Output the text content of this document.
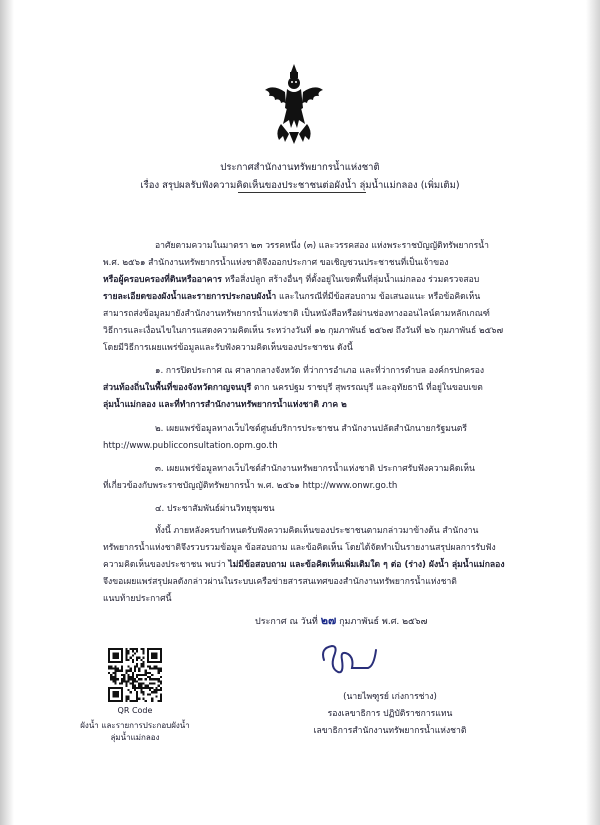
ประกาศสำนักงานทรัพยากรน้ำแห่งชาติ
เรื่อง สรุปผลรับฟังความคิดเห็นของประชาชนต่อผังน้ำ ลุ่มน้ำแม่กลอง (เพิ่มเติม)
อาศัยตามความในมาตรา ๒๓ วรรคหนึ่ง (๓) และวรรคสอง แห่งพระราชบัญญัติทรัพยากรน้ำ
พ.ศ. ๒๕๖๑ สำนักงานทรัพยากรน้ำแห่งชาติจึงออกประกาศ ขอเชิญชวนประชาชนที่เป็นเจ้าของ
หรือผู้ครอบครองที่ดินหรืออาคาร หรือสิ่งปลูก สร้างอื่นๆ ที่ตั้งอยู่ในเขตพื้นที่ลุ่มน้ำแม่กลอง ร่วมตรวจสอบ
รายละเอียดของผังน้ำและรายการประกอบผังน้ำ และในกรณีที่มีข้อสอบถาม ข้อเสนอแนะ หรือข้อคิดเห็น
สามารถส่งข้อมูลมายังสำนักงานทรัพยากรน้ำแห่งชาติ เป็นหนังสือหรือผ่านช่องทางออนไลน์ตามหลักเกณฑ์
วิธีการและเงื่อนไขในการแสดงความคิดเห็น ระหว่างวันที่ ๑๒ กุมภาพันธ์ ๒๕๖๗ ถึงวันที่ ๒๖ กุมภาพันธ์ ๒๕๖๗
โดยมีวิธีการเผยแพร่ข้อมูลและรับฟังความคิดเห็นของประชาชน ดังนี้
๑. การปิดประกาศ ณ ศาลากลางจังหวัด ที่ว่าการอำเภอ และที่ว่าการตำบล องค์กรปกครอง
ส่วนท้องถิ่นในพื้นที่ของจังหวัดกาญจนบุรี ตาก นครปฐม ราชบุรี สุพรรณบุรี และอุทัยธานี ที่อยู่ในขอบเขต
ลุ่มน้ำแม่กลอง และที่ทำการสำนักงานทรัพยากรน้ำแห่งชาติ ภาค ๒
๒. เผยแพร่ข้อมูลทางเว็บไซต์ศูนย์บริการประชาชน สำนักงานปลัดสำนักนายกรัฐมนตรี
http://www.publicconsultation.opm.go.th
๓. เผยแพร่ข้อมูลทางเว็บไซต์สำนักงานทรัพยากรน้ำแห่งชาติ ประกาศรับฟังความคิดเห็น
ที่เกี่ยวข้องกับพระราชบัญญัติทรัพยากรน้ำ พ.ศ. ๒๕๖๑ http://www.onwr.go.th
๔. ประชาสัมพันธ์ผ่านวิทยุชุมชน
ทั้งนี้ ภายหลังครบกำหนดรับฟังความคิดเห็นของประชาชนตามกล่าวมาข้างต้น สำนักงาน
ทรัพยากรน้ำแห่งชาติจึงรวบรวมข้อมูล ข้อสอบถาม และข้อคิดเห็น โดยได้จัดทำเป็นรายงานสรุปผลการรับฟัง
ความคิดเห็นของประชาชน พบว่า ไม่มีข้อสอบถาม และข้อคิดเห็นเพิ่มเติมใด ๆ ต่อ (ร่าง) ผังน้ำ ลุ่มน้ำแม่กลอง
จึงขอเผยแพร่สรุปผลดังกล่าวผ่านในระบบเครือข่ายสารสนเทศของสำนักงานทรัพยากรน้ำแห่งชาติ
แนบท้ายประกาศนี้
ประกาศ ณ วันที่ ๒๗ กุมภาพันธ์ พ.ศ. ๒๕๖๗
(นายไพฑูรย์ เก่งการช่าง)
รองเลขาธิการ ปฏิบัติราชการแทน
เลขาธิการสำนักงานทรัพยากรน้ำแห่งชาติ
QR Code
ผังน้ำ และรายการประกอบผังน้ำ
ลุ่มน้ำแม่กลอง
